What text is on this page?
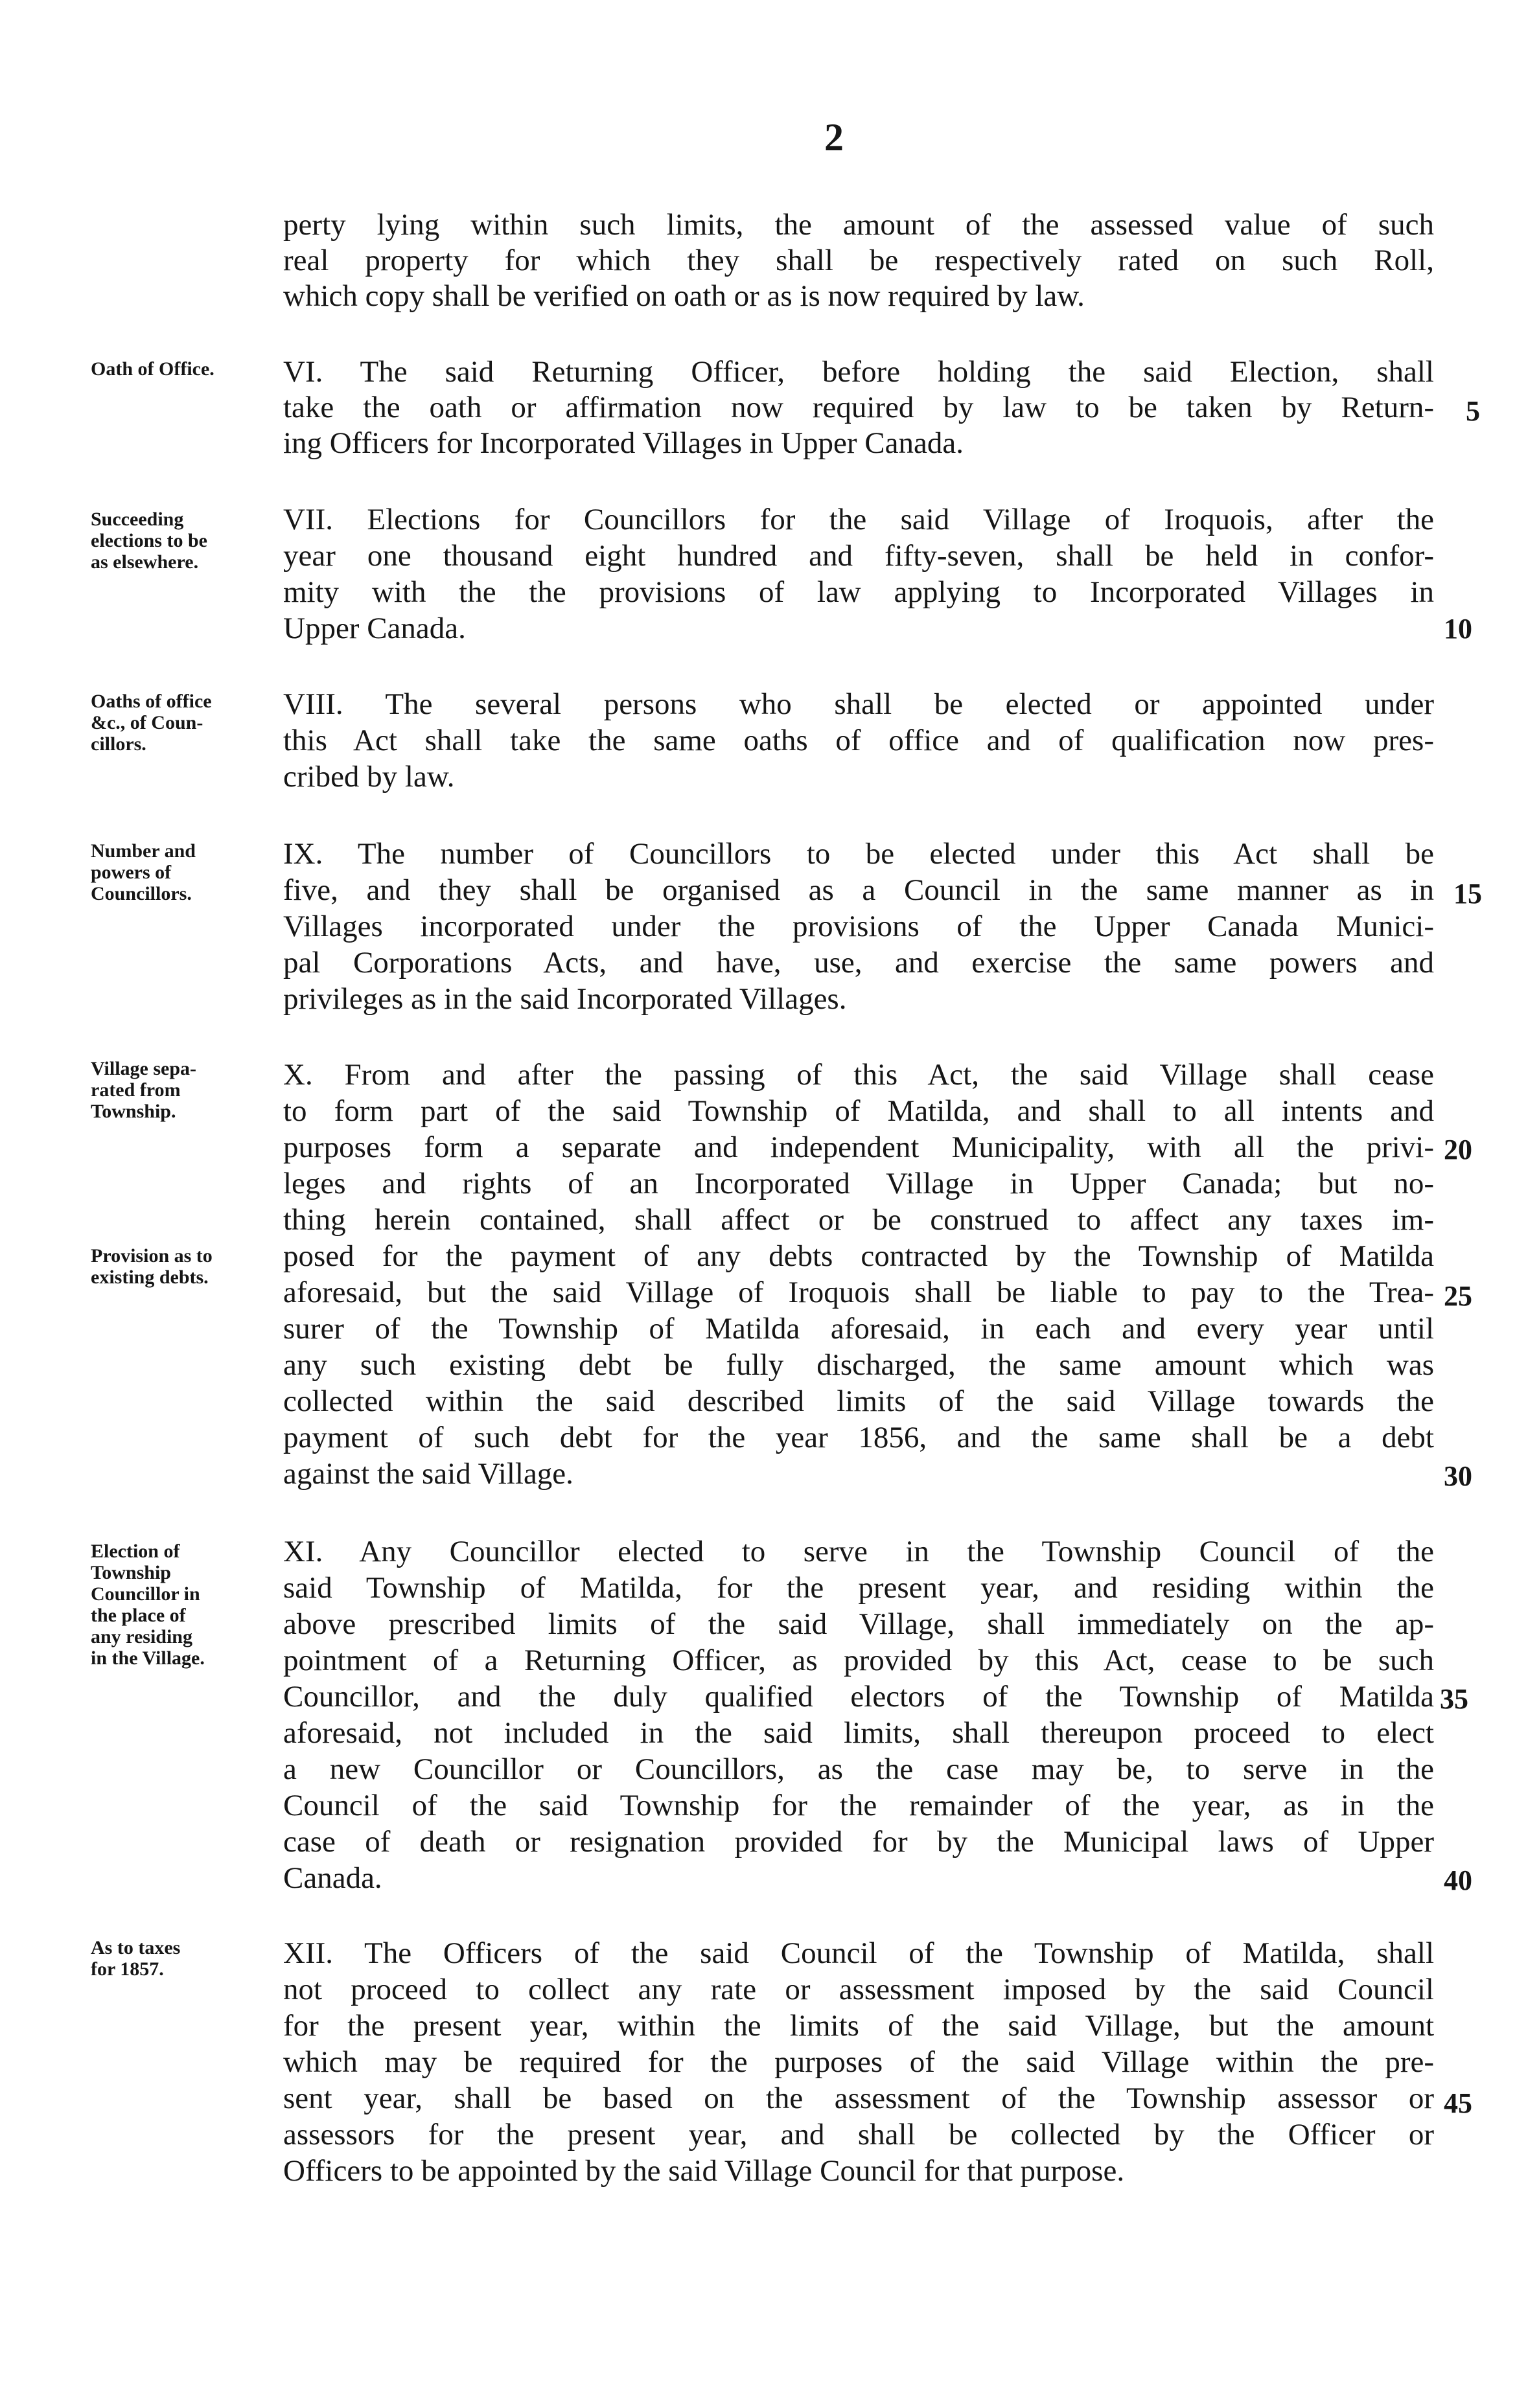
2
perty lying within such limits, the amount of the assessed value of such
real property for which they shall be respectively rated on such Roll,
which copy shall be verified on oath or as is now required by law.
VI. The said Returning Officer, before holding the said Election, shall
take the oath or affirmation now required by law to be taken by Return-
ing Officers for Incorporated Villages in Upper Canada.
VII. Elections for Councillors for the said Village of Iroquois, after the
year one thousand eight hundred and fifty-seven, shall be held in confor-
mity with the the provisions of law applying to Incorporated Villages in
Upper Canada.
VIII. The several persons who shall be elected or appointed under
this Act shall take the same oaths of office and of qualification now pres-
cribed by law.
IX. The number of Councillors to be elected under this Act shall be
five, and they shall be organised as a Council in the same manner as in
Villages incorporated under the provisions of the Upper Canada Munici-
pal Corporations Acts, and have, use, and exercise the same powers and
privileges as in the said Incorporated Villages.
X. From and after the passing of this Act, the said Village shall cease
to form part of the said Township of Matilda, and shall to all intents and
purposes form a separate and independent Municipality, with all the privi-
leges and rights of an Incorporated Village in Upper Canada; but no-
thing herein contained, shall affect or be construed to affect any taxes im-
posed for the payment of any debts contracted by the Township of Matilda
aforesaid, but the said Village of Iroquois shall be liable to pay to the Trea-
surer of the Township of Matilda aforesaid, in each and every year until
any such existing debt be fully discharged, the same amount which was
collected within the said described limits of the said Village towards the
payment of such debt for the year 1856, and the same shall be a debt
against the said Village.
XI. Any Councillor elected to serve in the Township Council of the
said Township of Matilda, for the present year, and residing within the
above prescribed limits of the said Village, shall immediately on the ap-
pointment of a Returning Officer, as provided by this Act, cease to be such
Councillor, and the duly qualified electors of the Township of Matilda
aforesaid, not included in the said limits, shall thereupon proceed to elect
a new Councillor or Councillors, as the case may be, to serve in the
Council of the said Township for the remainder of the year, as in the
case of death or resignation provided for by the Municipal laws of Upper
Canada.
XII. The Officers of the said Council of the Township of Matilda, shall
not proceed to collect any rate or assessment imposed by the said Council
for the present year, within the limits of the said Village, but the amount
which may be required for the purposes of the said Village within the pre-
sent year, shall be based on the assessment of the Township assessor or
assessors for the present year, and shall be collected by the Officer or
Officers to be appointed by the said Village Council for that purpose.
Oath of Office.
Succeeding
elections to be
as elsewhere.
Oaths of office
&c., of Coun-
cillors.
Number and
powers of
Councillors.
Village sepa-
rated from
Township.
Provision as to
existing debts.
Election of
Township
Councillor in
the place of
any residing
in the Village.
As to taxes
for 1857.
5
10
15
20
25
30
35
40
45
